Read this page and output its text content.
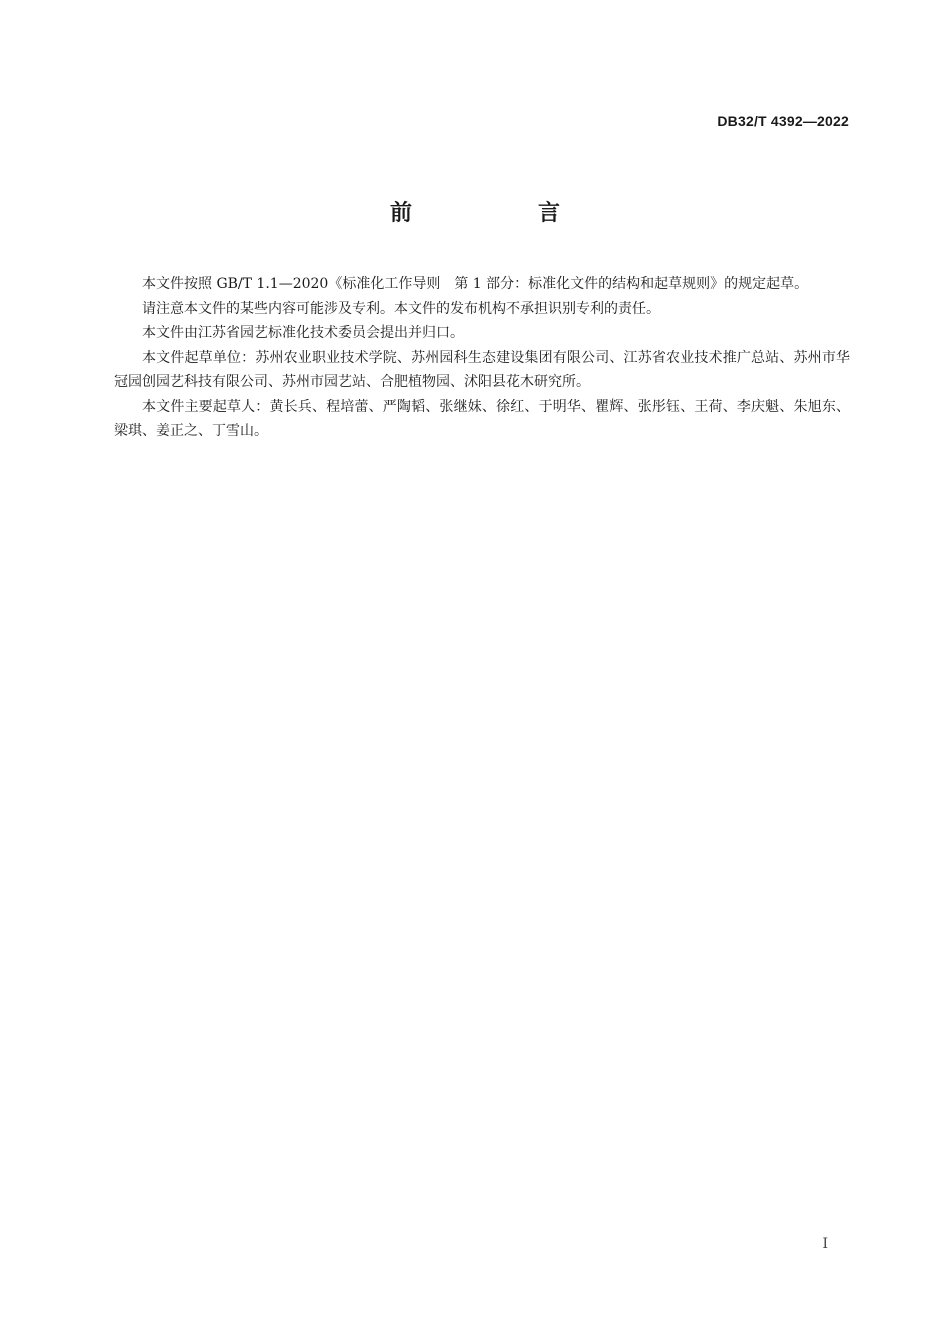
DB32/T 4392—2022
前　言

本文件按照 GB/T 1.1—2020《标准化工作导则　第 1 部分：标准化文件的结构和起草规则》的规定起草。

请注意本文件的某些内容可能涉及专利。本文件的发布机构不承担识别专利的责任。

本文件由江苏省园艺标准化技术委员会提出并归口。

本文件起草单位：苏州农业职业技术学院、苏州园科生态建设集团有限公司、江苏省农业技术推广总站、苏州市华冠园创园艺科技有限公司、苏州市园艺站、合肥植物园、沭阳县花木研究所。

本文件主要起草人：黄长兵、程培蕾、严陶韬、张继妹、徐红、于明华、瞿辉、张彤钰、王荷、李庆魁、朱旭东、梁琪、姜正之、丁雪山。

I
